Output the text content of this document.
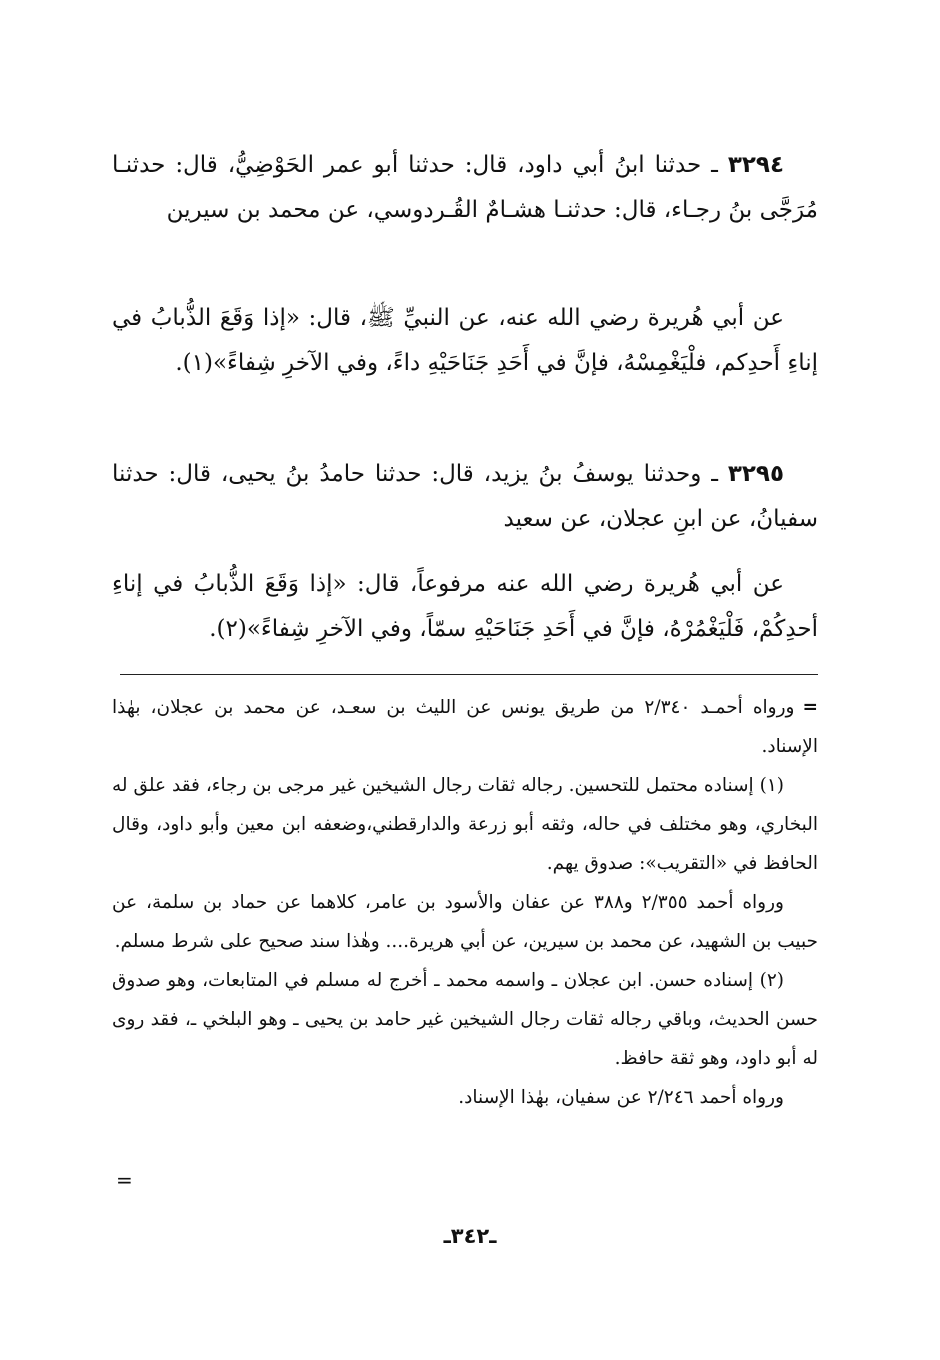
٣٢٩٤ ـ حدثنا ابنُ أبي داود، قال: حدثنا أبو عمر الحَوْضِيُّ، قال: حدثنـا مُرَجَّى بنُ رجـاء، قال: حدثنـا هشـامٌ القُـردوسي، عن محمد بن سيرين

عن أبي هُريرة رضي الله عنه، عن النبيِّ ﷺ، قال: «إذا وَقَعَ الذُّبابُ في إناءِ أَحدِكم، فلْيَغْمِسْهُ، فإنَّ في أَحَدِ جَنَاحَيْهِ داءً، وفي الآخرِ شِفاءً»(١).

٣٢٩٥ ـ وحدثنا يوسفُ بنُ يزيد، قال: حدثنا حامدُ بنُ يحيى، قال: حدثنا سفيانُ، عن ابنِ عجلان، عن سعيد

عن أبي هُريرة رضي الله عنه مرفوعاً، قال: «إذا وَقَعَ الذُّبابُ في إناءِ أحدِكُمْ، فَلْيَغْمُرْهُ، فإنَّ في أَحَدِ جَنَاحَيْهِ سمّاً، وفي الآخرِ شِفاءً»(٢).

=ورواه أحمـد ٢/٣٤٠ من طريق يونس عن الليث بن سعـد، عن محمد بن عجلان، بهٰذا الإسناد.

(١) إسناده محتمل للتحسين. رجاله ثقات رجال الشيخين غير مرجى بن رجاء، فقد علق له البخاري، وهو مختلف في حاله، وثقه أبو زرعة والدارقطني،وضعفه ابن معين وأبو داود، وقال الحافظ في «التقريب»: صدوق يهم.

ورواه أحمد ٢/٣٥٥ و٣٨٨ عن عفان والأسود بن عامر، كلاهما عن حماد بن سلمة، عن حبيب بن الشهيد، عن محمد بن سيرين، عن أبي هريرة.... وهٰذا سند صحيح على شرط مسلم.

(٢) إسناده حسن. ابن عجلان ـ واسمه محمد ـ أخرج له مسلم في المتابعات، وهو صدوق حسن الحديث، وباقي رجاله ثقات رجال الشيخين غير حامد بن يحيى ـ وهو البلخي ـ، فقد روى له أبو داود، وهو ثقة حافظ.

ورواه أحمد ٢/٢٤٦ عن سفيان، بهٰذا الإسناد.

=
ـ٣٤٢ـ
